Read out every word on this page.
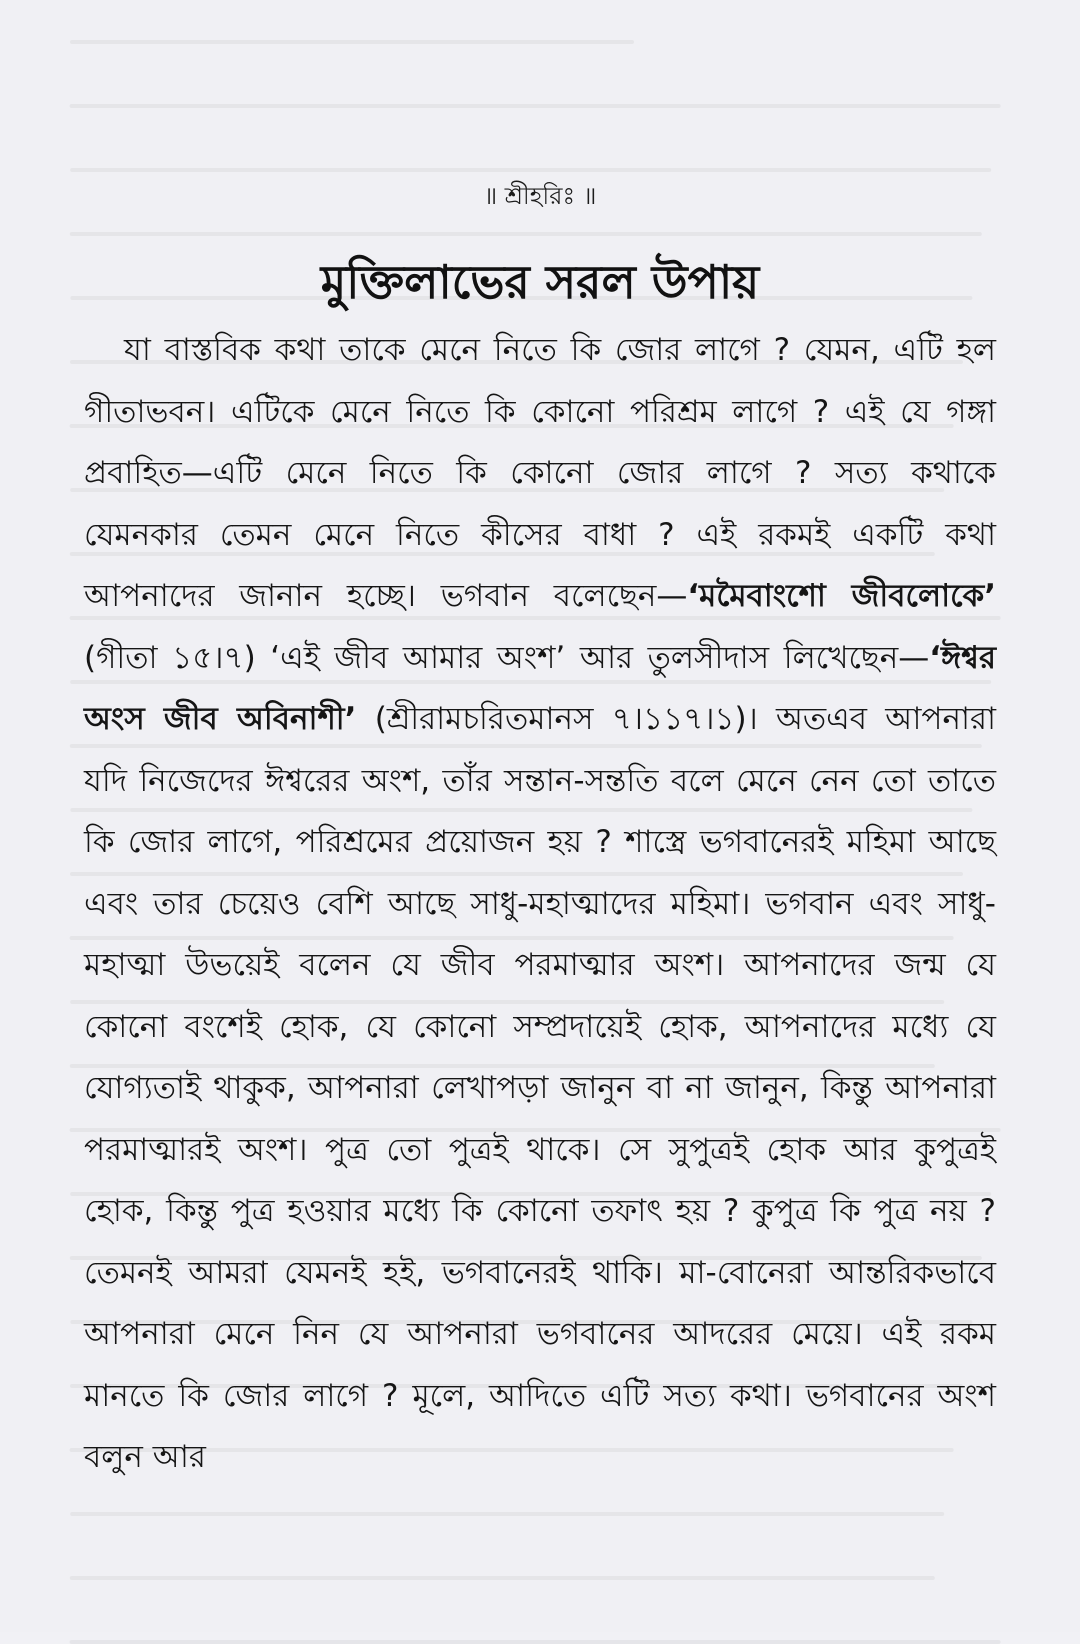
॥ শ্রীহরিঃ ॥
মুক্তিলাভের সরল উপায়

যা বাস্তবিক কথা তাকে মেনে নিতে কি জোর লাগে ? যেমন, এটি হল গীতাভবন। এটিকে মেনে নিতে কি কোনো পরিশ্রম লাগে ? এই যে গঙ্গা প্রবাহিত—এটি মেনে নিতে কি কোনো জোর লাগে ? সত্য কথাকে যেমনকার তেমন মেনে নিতে কীসের বাধা ? এই রকমই একটি কথা আপনাদের জানান হচ্ছে। ভগবান বলেছেন—‘মমৈবাংশো জীবলোকে’ (গীতা ১৫।৭) ‘এই জীব আমার অংশ’ আর তুলসীদাস লিখেছেন—‘ঈশ্বর অংস জীব অবিনাশী’ (শ্রীরামচরিতমানস ৭।১১৭।১)। অতএব আপনারা যদি নিজেদের ঈশ্বরের অংশ, তাঁর সন্তান-সন্ততি বলে মেনে নেন তো তাতে কি জোর লাগে, পরিশ্রমের প্রয়োজন হয় ? শাস্ত্রে ভগবানেরই মহিমা আছে এবং তার চেয়েও বেশি আছে সাধু-মহাত্মাদের মহিমা। ভগবান এবং সাধু-মহাত্মা উভয়েই বলেন যে জীব পরমাত্মার অংশ। আপনাদের জন্ম যে কোনো বংশেই হোক, যে কোনো সম্প্রদায়েই হোক, আপনাদের মধ্যে যে যোগ্যতাই থাকুক, আপনারা লেখাপড়া জানুন বা না জানুন, কিন্তু আপনারা পরমাত্মারই অংশ। পুত্র তো পুত্রই থাকে। সে সুপুত্রই হোক আর কুপুত্রই হোক, কিন্তু পুত্র হওয়ার মধ্যে কি কোনো তফাৎ হয় ? কুপুত্র কি পুত্র নয় ? তেমনই আমরা যেমনই হই, ভগবানেরই থাকি। মা-বোনেরা আন্তরিকভাবে আপনারা মেনে নিন যে আপনারা ভগবানের আদরের মেয়ে। এই রকম মানতে কি জোর লাগে ? মূলে, আদিতে এটি সত্য কথা। ভগবানের অংশ বলুন আর
